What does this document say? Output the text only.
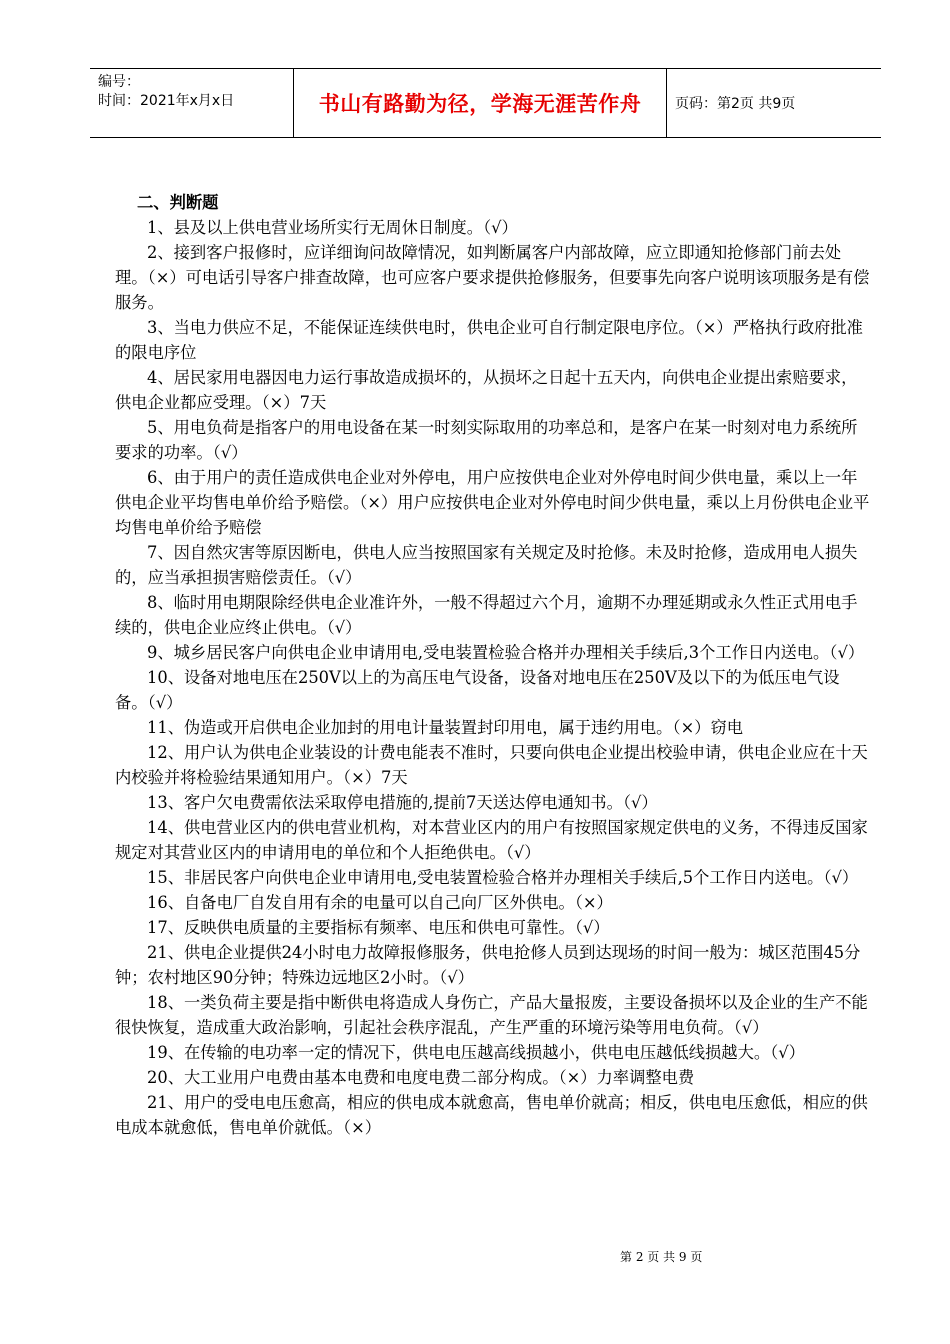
编号：
时间：2021年x月x日	书山有路勤为径，学海无涯苦作舟	页码：第2页 共9页
二、判断题
1、县及以上供电营业场所实行无周休日制度。（√）
2、接到客户报修时，应详细询问故障情况，如判断属客户内部故障，应立即通知抢修部门前去处理。（×）可电话引导客户排查故障，也可应客户要求提供抢修服务，但要事先向客户说明该项服务是有偿服务。
3、当电力供应不足，不能保证连续供电时，供电企业可自行制定限电序位。（×）严格执行政府批准的限电序位
4、居民家用电器因电力运行事故造成损坏的，从损坏之日起十五天内，向供电企业提出索赔要求，供电企业都应受理。（×）7天
5、用电负荷是指客户的用电设备在某一时刻实际取用的功率总和，是客户在某一时刻对电力系统所要求的功率。（√）
6、由于用户的责任造成供电企业对外停电，用户应按供电企业对外停电时间少供电量，乘以上一年供电企业平均售电单价给予赔偿。（×）用户应按供电企业对外停电时间少供电量，乘以上月份供电企业平均售电单价给予赔偿
7、因自然灾害等原因断电，供电人应当按照国家有关规定及时抢修。未及时抢修，造成用电人损失的，应当承担损害赔偿责任。（√）
8、临时用电期限除经供电企业准许外，一般不得超过六个月，逾期不办理延期或永久性正式用电手续的，供电企业应终止供电。（√）
9、城乡居民客户向供电企业申请用电,受电装置检验合格并办理相关手续后,3个工作日内送电。（√）
10、设备对地电压在250V以上的为高压电气设备，设备对地电压在250V及以下的为低压电气设备。（√）
11、伪造或开启供电企业加封的用电计量装置封印用电，属于违约用电。（×）窃电
12、用户认为供电企业装设的计费电能表不准时，只要向供电企业提出校验申请，供电企业应在十天内校验并将检验结果通知用户。（×）7天
13、客户欠电费需依法采取停电措施的,提前7天送达停电通知书。（√）
14、供电营业区内的供电营业机构，对本营业区内的用户有按照国家规定供电的义务，不得违反国家规定对其营业区内的申请用电的单位和个人拒绝供电。（√）
15、非居民客户向供电企业申请用电,受电装置检验合格并办理相关手续后,5个工作日内送电。（√）
16、自备电厂自发自用有余的电量可以自己向厂区外供电。（×）
17、反映供电质量的主要指标有频率、电压和供电可靠性。（√）
21、供电企业提供24小时电力故障报修服务，供电抢修人员到达现场的时间一般为：城区范围45分钟；农村地区90分钟；特殊边远地区2小时。（√）
18、一类负荷主要是指中断供电将造成人身伤亡，产品大量报废，主要设备损坏以及企业的生产不能很快恢复，造成重大政治影响，引起社会秩序混乱，产生严重的环境污染等用电负荷。（√）
19、在传输的电功率一定的情况下，供电电压越高线损越小，供电电压越低线损越大。（√）
20、大工业用户电费由基本电费和电度电费二部分构成。（×）力率调整电费
21、用户的受电电压愈高，相应的供电成本就愈高，售电单价就高；相反，供电电压愈低，相应的供电成本就愈低，售电单价就低。（×）
第 2 页 共 9 页
